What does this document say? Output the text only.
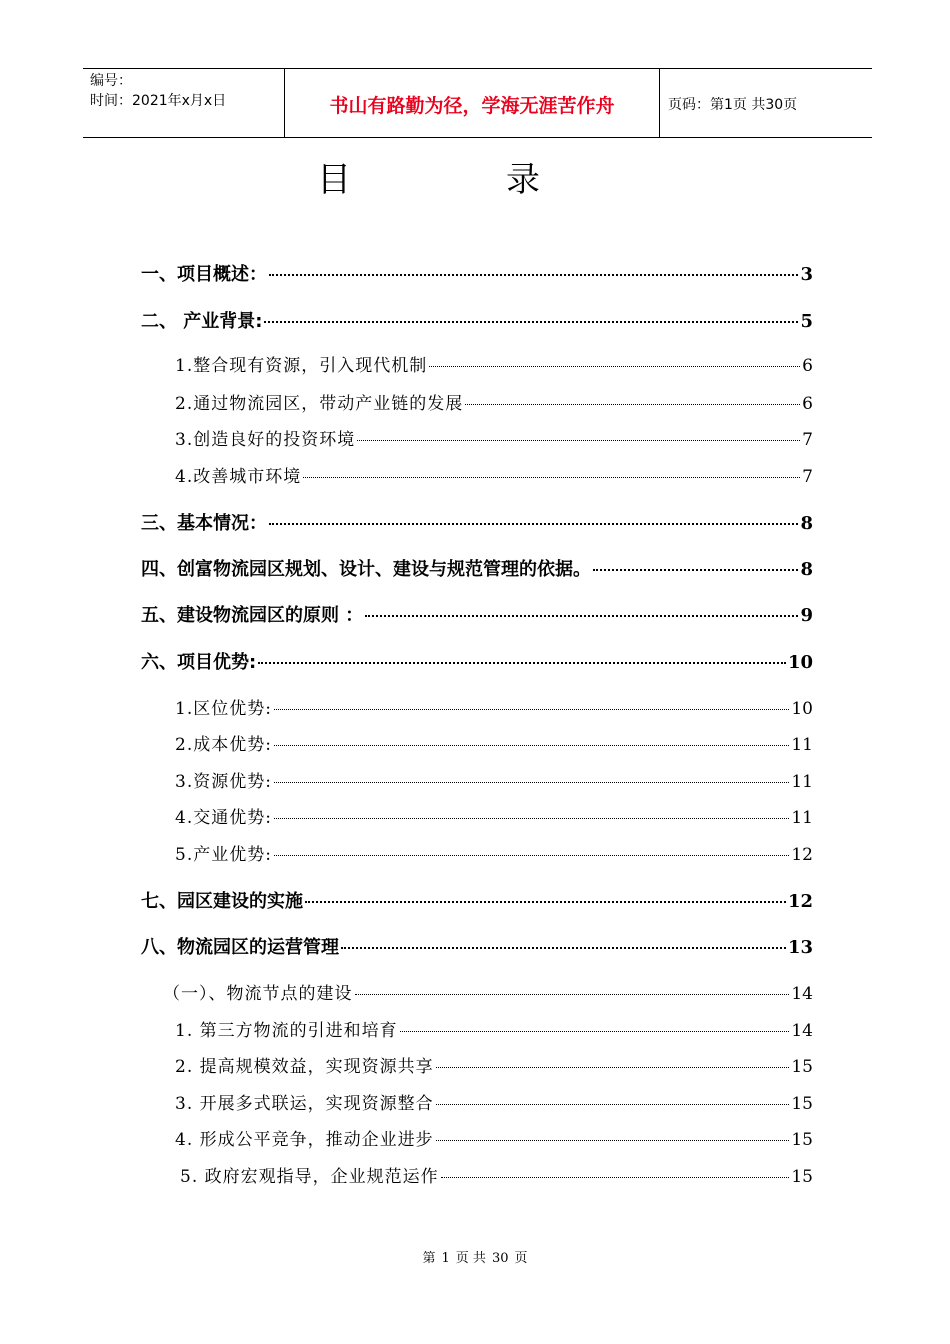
编号：
时间：2021年x月x日	书山有路勤为径，学海无涯苦作舟	页码：第1页 共30页
目	录
一、项目概述：	3
二、 产业背景:	5
1.整合现有资源，引入现代机制	6
2.通过物流园区，带动产业链的发展	6
3.创造良好的投资环境	7
4.改善城市环境	7
三、基本情况：	8
四、创富物流园区规划、设计、建设与规范管理的依据。	8
五、建设物流园区的原则 ：	9
六、项目优势:	10
1.区位优势:	10
2.成本优势:	11
3.资源优势:	11
4.交通优势:	11
5.产业优势:	12
七、园区建设的实施	12
八、物流园区的运营管理	13
（一）、物流节点的建设	14
1. 第三方物流的引进和培育	14
2. 提高规模效益，实现资源共享	15
3. 开展多式联运，实现资源整合	15
4. 形成公平竞争，推动企业进步	15
5. 政府宏观指导，企业规范运作	15
第 1 页 共 30 页
